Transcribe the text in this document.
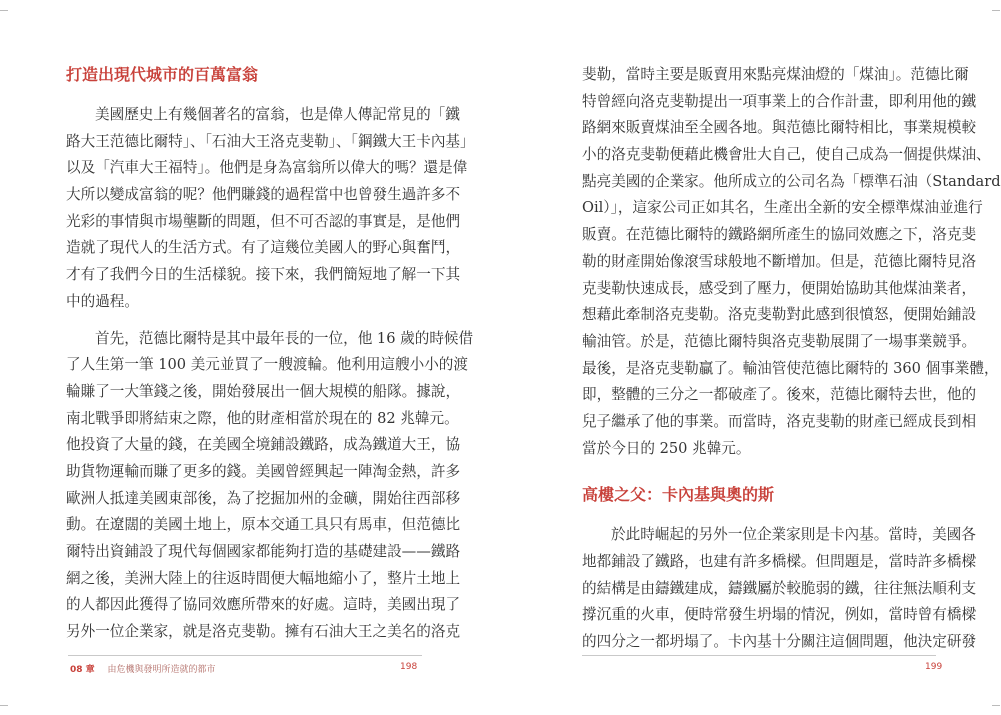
打造出現代城市的百萬富翁
美國歷史上有幾個著名的富翁，也是偉人傳記常見的「鐵
路大王范德比爾特」、「石油大王洛克斐勒」、「鋼鐵大王卡內基」
以及「汽車大王福特」。他們是身為富翁所以偉大的嗎？還是偉
大所以變成富翁的呢？他們賺錢的過程當中也曾發生過許多不
光彩的事情與市場壟斷的問題，但不可否認的事實是，是他們
造就了現代人的生活方式。有了這幾位美國人的野心與奮鬥，
才有了我們今日的生活樣貌。接下來，我們簡短地了解一下其
中的過程。
首先，范德比爾特是其中最年長的一位，他 16 歲的時候借
了人生第一筆 100 美元並買了一艘渡輪。他利用這艘小小的渡
輪賺了一大筆錢之後，開始發展出一個大規模的船隊。據說，
南北戰爭即將結束之際，他的財產相當於現在的 82 兆韓元。
他投資了大量的錢，在美國全境鋪設鐵路，成為鐵道大王，協
助貨物運輸而賺了更多的錢。美國曾經興起一陣淘金熱，許多
歐洲人抵達美國東部後，為了挖掘加州的金礦，開始往西部移
動。在遼闊的美國土地上，原本交通工具只有馬車，但范德比
爾特出資鋪設了現代每個國家都能夠打造的基礎建設——鐵路
網之後，美洲大陸上的往返時間便大幅地縮小了，整片土地上
的人都因此獲得了協同效應所帶來的好處。這時，美國出現了
另外一位企業家，就是洛克斐勒。擁有石油大王之美名的洛克
08 章 由危機與發明所造就的都市	198
斐勒，當時主要是販賣用來點亮煤油燈的「煤油」。范德比爾
特曾經向洛克斐勒提出一項事業上的合作計畫，即利用他的鐵
路網來販賣煤油至全國各地。與范德比爾特相比，事業規模較
小的洛克斐勒便藉此機會壯大自己，使自己成為一個提供煤油、
點亮美國的企業家。他所成立的公司名為「標準石油（Standard
Oil）」，這家公司正如其名，生產出全新的安全標準煤油並進行
販賣。在范德比爾特的鐵路網所產生的協同效應之下，洛克斐
勒的財產開始像滾雪球般地不斷增加。但是，范德比爾特見洛
克斐勒快速成長，感受到了壓力，便開始協助其他煤油業者，
想藉此牽制洛克斐勒。洛克斐勒對此感到很憤怒，便開始鋪設
輸油管。於是，范德比爾特與洛克斐勒展開了一場事業競爭。
最後，是洛克斐勒贏了。輸油管使范德比爾特的 360 個事業體，
即，整體的三分之一都破產了。後來，范德比爾特去世，他的
兒子繼承了他的事業。而當時，洛克斐勒的財產已經成長到相
當於今日的 250 兆韓元。
高樓之父：卡內基與奧的斯
於此時崛起的另外一位企業家則是卡內基。當時，美國各
地都鋪設了鐵路，也建有許多橋樑。但問題是，當時許多橋樑
的結構是由鑄鐵建成，鑄鐵屬於較脆弱的鐵，往往無法順利支
撐沉重的火車，便時常發生坍塌的情況，例如，當時曾有橋樑
的四分之一都坍塌了。卡內基十分關注這個問題，他決定研發
199
